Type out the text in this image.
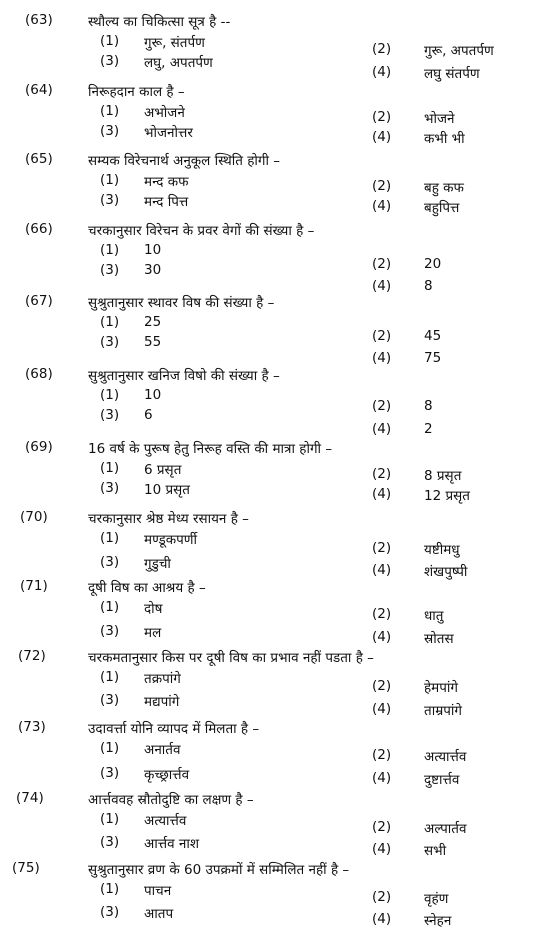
(63)	स्थौल्य का चिकित्सा सूत्र है --
(1) गुरू, संतर्पण
(3) लघु, अपतर्पण
(2) गुरू, अपतर्पण
(4) लघु संतर्पण
(64)	निरूहदान काल है –
(1) अभोजने
(3) भोजनोत्तर
(2) भोजने
(4) कभी भी
(65)	सम्यक विरेचनार्थ अनुकूल स्थिति होगी –
(1) मन्द कफ
(3) मन्द पित्त
(2) बहु कफ
(4) बहुपित्त
(66)	चरकानुसार विरेचन के प्रवर वेगों की संख्या है –
(1) 10
(3) 30	(2) 20
(4) 8
(67)	सुश्रुतानुसार स्थावर विष की संख्या है –
(1) 25
(3) 55	(2) 45
(4) 75
(68)	सुश्रुतानुसार खनिज विषो की संख्या है –
(1) 10
(3) 6
(2) 8
(4) 2
(69)	16 वर्ष के पुरूष हेतु निरूह वस्ति की मात्रा होगी –
(1) 6 प्रसृत
(3) 10 प्रसृत
(2) 8 प्रसृत
(4) 12 प्रसृत
(70)	चरकानुसार श्रेष्ठ मेध्य रसायन है –
(1) मण्डूकपर्णी
(3) गुडुची
(2) यष्टीमधु
(4) शंखपुष्पी
(71)	दूषी विष का आश्रय है –
(1) दोष
(3) मल
(2) धातु
(4) स्रोतस
(72)	चरकमतानुसार किस पर दूषी विष का प्रभाव नहीं पडता है –
(1) तक्रपांगे
(3) मद्यपांगे
(2) हेमपांगे
(4) ताम्रपांगे
(73)	उदावर्त्ता योनि व्यापद में मिलता है –
(1) अनार्तव
(3) कृच्छ्रार्त्तव
(2) अत्यार्त्तव
(4) दुष्टार्त्तव
(74)	आर्त्तववह स्रौतोदुष्टि का लक्षण है –
(1) अत्यार्त्तव
(3) आर्त्तव नाश
(2) अल्पार्तव
(4) सभी
(75)	सुश्रुतानुसार व्रण के 60 उपक्रमों में सम्मिलित नहीं है –
(1) पाचन
(3) आतप
(2) वृहंण
(4) स्नेहन
